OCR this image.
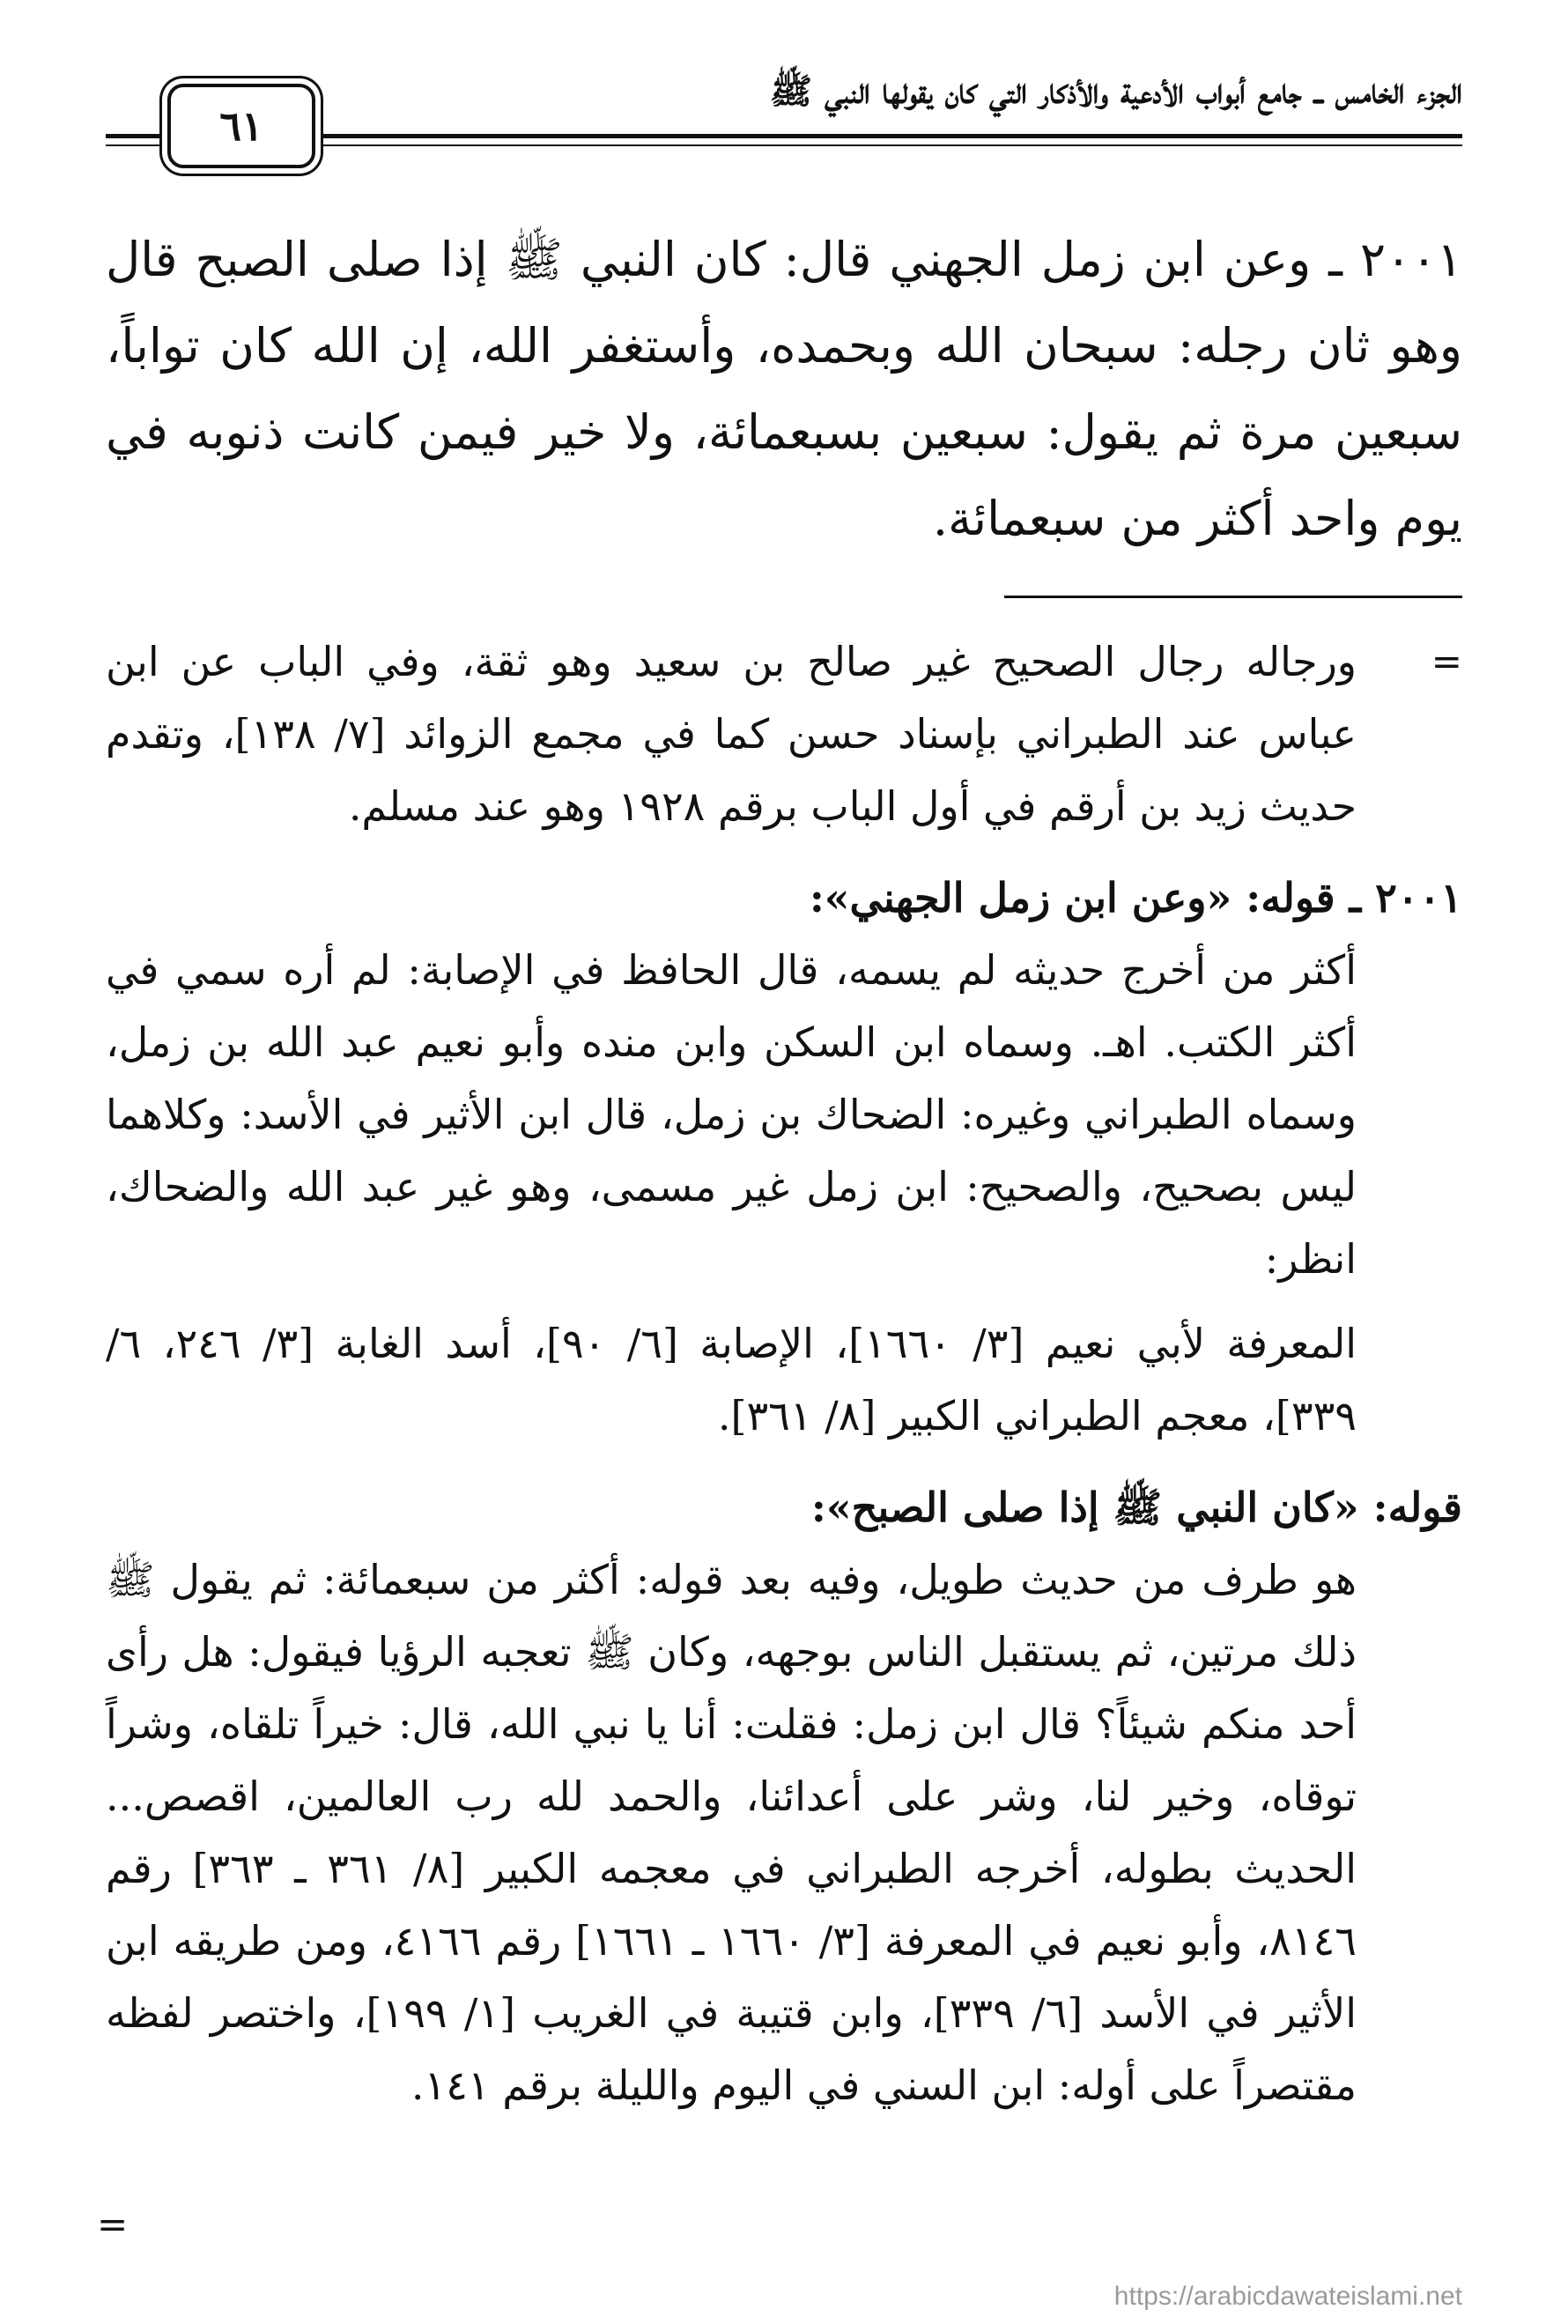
الجزء الخامس ــ جامع أبواب الأدعية والأذكار التي كان يقولها النبي ﷺ
٦١
٢٠٠١ ـ وعن ابن زمل الجهني قال: كان النبي ﷺ إذا صلى الصبح قال وهو ثان رجله: سبحان الله وبحمده، وأستغفر الله، إن الله كان تواباً، سبعين مرة ثم يقول: سبعين بسبعمائة، ولا خير فيمن كانت ذنوبه في يوم واحد أكثر من سبعمائة.
=
ورجاله رجال الصحيح غير صالح بن سعيد وهو ثقة، وفي الباب عن ابن عباس عند الطبراني بإسناد حسن كما في مجمع الزوائد [٧/ ١٣٨]، وتقدم حديث زيد بن أرقم في أول الباب برقم ١٩٢٨ وهو عند مسلم.
٢٠٠١ ـ قوله: «وعن ابن زمل الجهني»:
أكثر من أخرج حديثه لم يسمه، قال الحافظ في الإصابة: لم أره سمي في أكثر الكتب. اهـ. وسماه ابن السكن وابن منده وأبو نعيم عبد الله بن زمل، وسماه الطبراني وغيره: الضحاك بن زمل، قال ابن الأثير في الأسد: وكلاهما ليس بصحيح، والصحيح: ابن زمل غير مسمى، وهو غير عبد الله والضحاك، انظر:
المعرفة لأبي نعيم [٣/ ١٦٦٠]، الإصابة [٦/ ٩٠]، أسد الغابة [٣/ ٢٤٦، ٦/ ٣٣٩]، معجم الطبراني الكبير [٨/ ٣٦١].
قوله: «كان النبي ﷺ إذا صلى الصبح»:
هو طرف من حديث طويل، وفيه بعد قوله: أكثر من سبعمائة: ثم يقول ﷺ ذلك مرتين، ثم يستقبل الناس بوجهه، وكان ﷺ تعجبه الرؤيا فيقول: هل رأى أحد منكم شيئاً؟ قال ابن زمل: فقلت: أنا يا نبي الله، قال: خيراً تلقاه، وشراً توقاه، وخير لنا، وشر على أعدائنا، والحمد لله رب العالمين، اقصص... الحديث بطوله، أخرجه الطبراني في معجمه الكبير [٨/ ٣٦١ ـ ٣٦٣] رقم ٨١٤٦، وأبو نعيم في المعرفة [٣/ ١٦٦٠ ـ ١٦٦١] رقم ٤١٦٦، ومن طريقه ابن الأثير في الأسد [٦/ ٣٣٩]، وابن قتيبة في الغريب [١/ ١٩٩]، واختصر لفظه مقتصراً على أوله: ابن السني في اليوم والليلة برقم ١٤١.
=
https://arabicdawateislami.net
